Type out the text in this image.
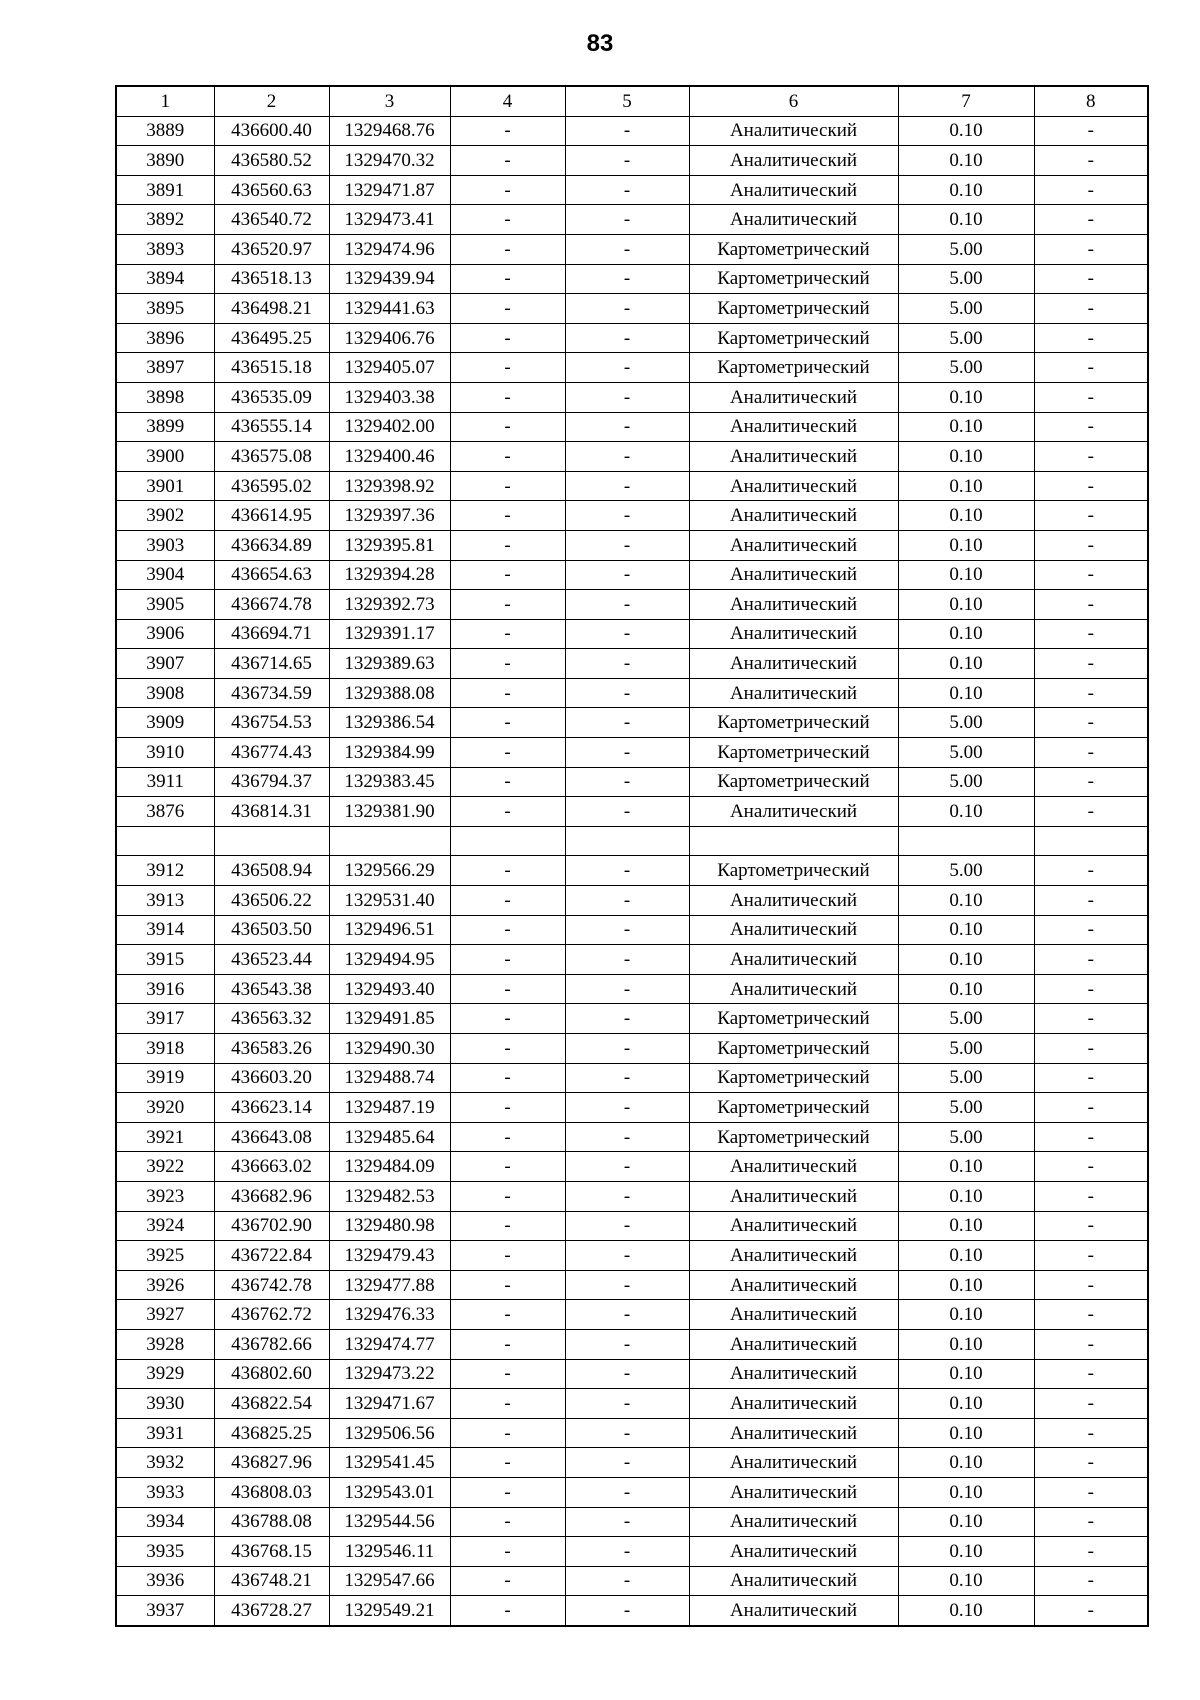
83
1	2	3	4	5	6	7	8
3889	436600.40	1329468.76	-	-	Аналитический	0.10	-
3890	436580.52	1329470.32	-	-	Аналитический	0.10	-
3891	436560.63	1329471.87	-	-	Аналитический	0.10	-
3892	436540.72	1329473.41	-	-	Аналитический	0.10	-
3893	436520.97	1329474.96	-	-	Картометрический	5.00	-
3894	436518.13	1329439.94	-	-	Картометрический	5.00	-
3895	436498.21	1329441.63	-	-	Картометрический	5.00	-
3896	436495.25	1329406.76	-	-	Картометрический	5.00	-
3897	436515.18	1329405.07	-	-	Картометрический	5.00	-
3898	436535.09	1329403.38	-	-	Аналитический	0.10	-
3899	436555.14	1329402.00	-	-	Аналитический	0.10	-
3900	436575.08	1329400.46	-	-	Аналитический	0.10	-
3901	436595.02	1329398.92	-	-	Аналитический	0.10	-
3902	436614.95	1329397.36	-	-	Аналитический	0.10	-
3903	436634.89	1329395.81	-	-	Аналитический	0.10	-
3904	436654.63	1329394.28	-	-	Аналитический	0.10	-
3905	436674.78	1329392.73	-	-	Аналитический	0.10	-
3906	436694.71	1329391.17	-	-	Аналитический	0.10	-
3907	436714.65	1329389.63	-	-	Аналитический	0.10	-
3908	436734.59	1329388.08	-	-	Аналитический	0.10	-
3909	436754.53	1329386.54	-	-	Картометрический	5.00	-
3910	436774.43	1329384.99	-	-	Картометрический	5.00	-
3911	436794.37	1329383.45	-	-	Картометрический	5.00	-
3876	436814.31	1329381.90	-	-	Аналитический	0.10	-

3912	436508.94	1329566.29	-	-	Картометрический	5.00	-
3913	436506.22	1329531.40	-	-	Аналитический	0.10	-
3914	436503.50	1329496.51	-	-	Аналитический	0.10	-
3915	436523.44	1329494.95	-	-	Аналитический	0.10	-
3916	436543.38	1329493.40	-	-	Аналитический	0.10	-
3917	436563.32	1329491.85	-	-	Картометрический	5.00	-
3918	436583.26	1329490.30	-	-	Картометрический	5.00	-
3919	436603.20	1329488.74	-	-	Картометрический	5.00	-
3920	436623.14	1329487.19	-	-	Картометрический	5.00	-
3921	436643.08	1329485.64	-	-	Картометрический	5.00	-
3922	436663.02	1329484.09	-	-	Аналитический	0.10	-
3923	436682.96	1329482.53	-	-	Аналитический	0.10	-
3924	436702.90	1329480.98	-	-	Аналитический	0.10	-
3925	436722.84	1329479.43	-	-	Аналитический	0.10	-
3926	436742.78	1329477.88	-	-	Аналитический	0.10	-
3927	436762.72	1329476.33	-	-	Аналитический	0.10	-
3928	436782.66	1329474.77	-	-	Аналитический	0.10	-
3929	436802.60	1329473.22	-	-	Аналитический	0.10	-
3930	436822.54	1329471.67	-	-	Аналитический	0.10	-
3931	436825.25	1329506.56	-	-	Аналитический	0.10	-
3932	436827.96	1329541.45	-	-	Аналитический	0.10	-
3933	436808.03	1329543.01	-	-	Аналитический	0.10	-
3934	436788.08	1329544.56	-	-	Аналитический	0.10	-
3935	436768.15	1329546.11	-	-	Аналитический	0.10	-
3936	436748.21	1329547.66	-	-	Аналитический	0.10	-
3937	436728.27	1329549.21	-	-	Аналитический	0.10	-
